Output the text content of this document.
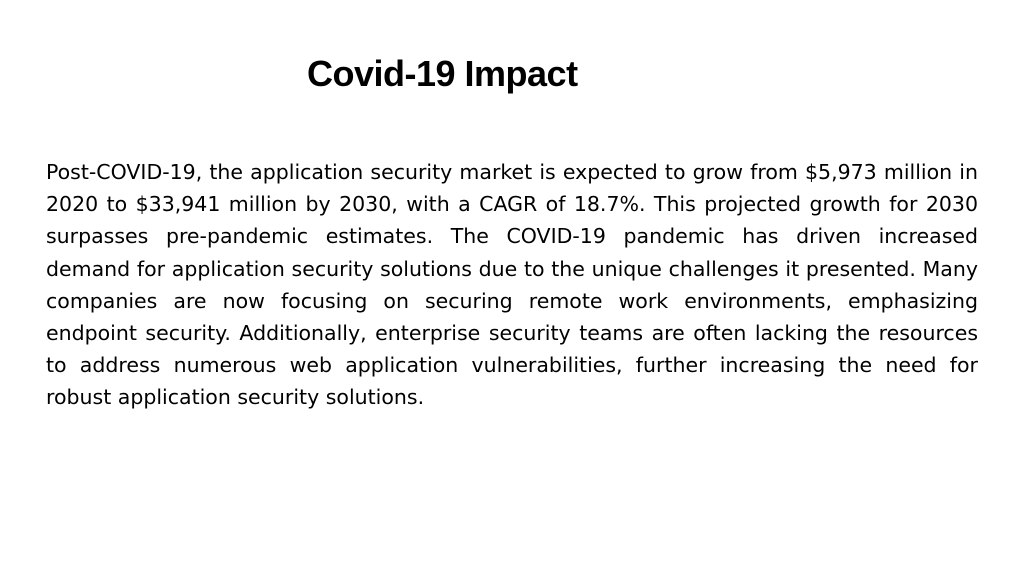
Covid-19 Impact

Post-COVID-19, the application security market is expected to grow from $5,973 million in 2020 to $33,941 million by 2030, with a CAGR of 18.7%. This projected growth for 2030 surpasses pre-pandemic estimates. The COVID-19 pandemic has driven increased demand for application security solutions due to the unique challenges it presented. Many companies are now focusing on securing remote work environments, emphasizing endpoint security. Additionally, enterprise security teams are often lacking the resources to address numerous web application vulnerabilities, further increasing the need for robust application security solutions.
